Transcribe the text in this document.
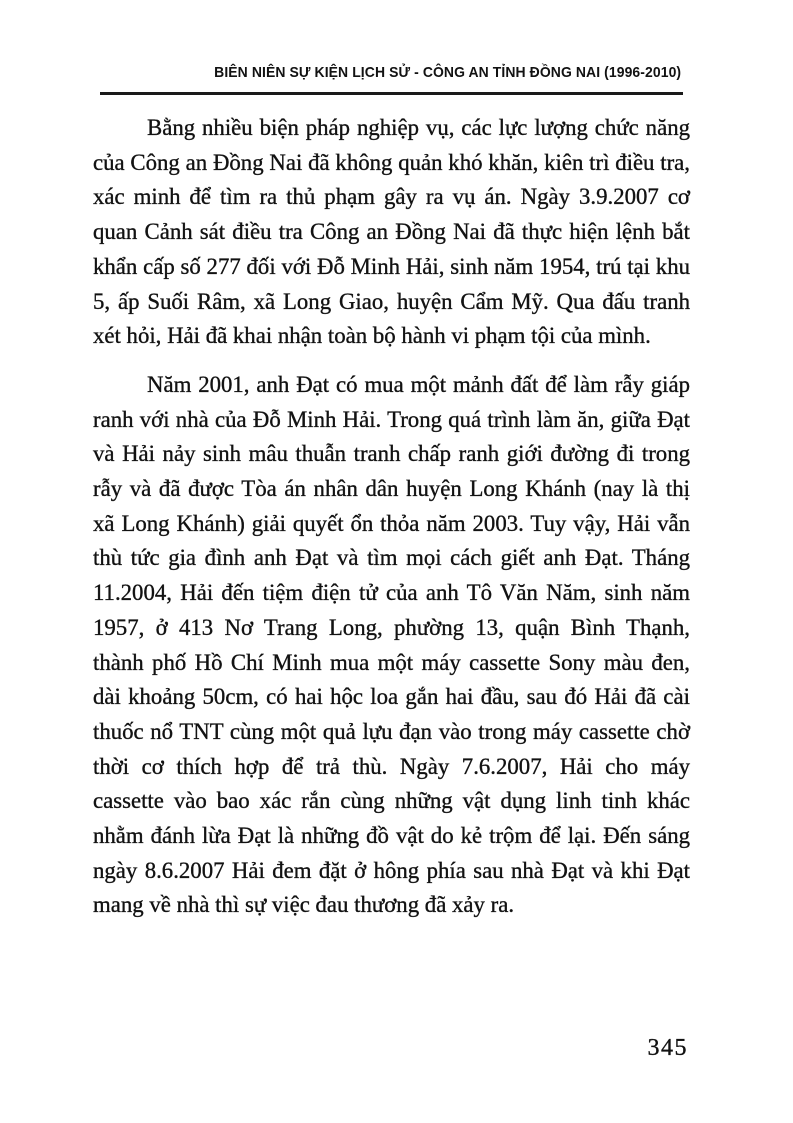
BIÊN NIÊN SỰ KIỆN LỊCH SỬ - CÔNG AN TỈNH ĐỒNG NAI (1996-2010)

Bằng nhiều biện pháp nghiệp vụ, các lực lượng chức năng của Công an Đồng Nai đã không quản khó khăn, kiên trì điều tra, xác minh để tìm ra thủ phạm gây ra vụ án. Ngày 3.9.2007 cơ quan Cảnh sát điều tra Công an Đồng Nai đã thực hiện lệnh bắt khẩn cấp số 277 đối với Đỗ Minh Hải, sinh năm 1954, trú tại khu 5, ấp Suối Râm, xã Long Giao, huyện Cẩm Mỹ. Qua đấu tranh xét hỏi, Hải đã khai nhận toàn bộ hành vi phạm tội của mình.

Năm 2001, anh Đạt có mua một mảnh đất để làm rẫy giáp ranh với nhà của Đỗ Minh Hải. Trong quá trình làm ăn, giữa Đạt và Hải nảy sinh mâu thuẫn tranh chấp ranh giới đường đi trong rẫy và đã được Tòa án nhân dân huyện Long Khánh (nay là thị xã Long Khánh) giải quyết ổn thỏa năm 2003. Tuy vậy, Hải vẫn thù tức gia đình anh Đạt và tìm mọi cách giết anh Đạt. Tháng 11.2004, Hải đến tiệm điện tử của anh Tô Văn Năm, sinh năm 1957, ở 413 Nơ Trang Long, phường 13, quận Bình Thạnh, thành phố Hồ Chí Minh mua một máy cassette Sony màu đen, dài khoảng 50cm, có hai hộc loa gắn hai đầu, sau đó Hải đã cài thuốc nổ TNT cùng một quả lựu đạn vào trong máy cassette chờ thời cơ thích hợp để trả thù. Ngày 7.6.2007, Hải cho máy cassette vào bao xác rắn cùng những vật dụng linh tinh khác nhằm đánh lừa Đạt là những đồ vật do kẻ trộm để lại. Đến sáng ngày 8.6.2007 Hải đem đặt ở hông phía sau nhà Đạt và khi Đạt mang về nhà thì sự việc đau thương đã xảy ra.

345
